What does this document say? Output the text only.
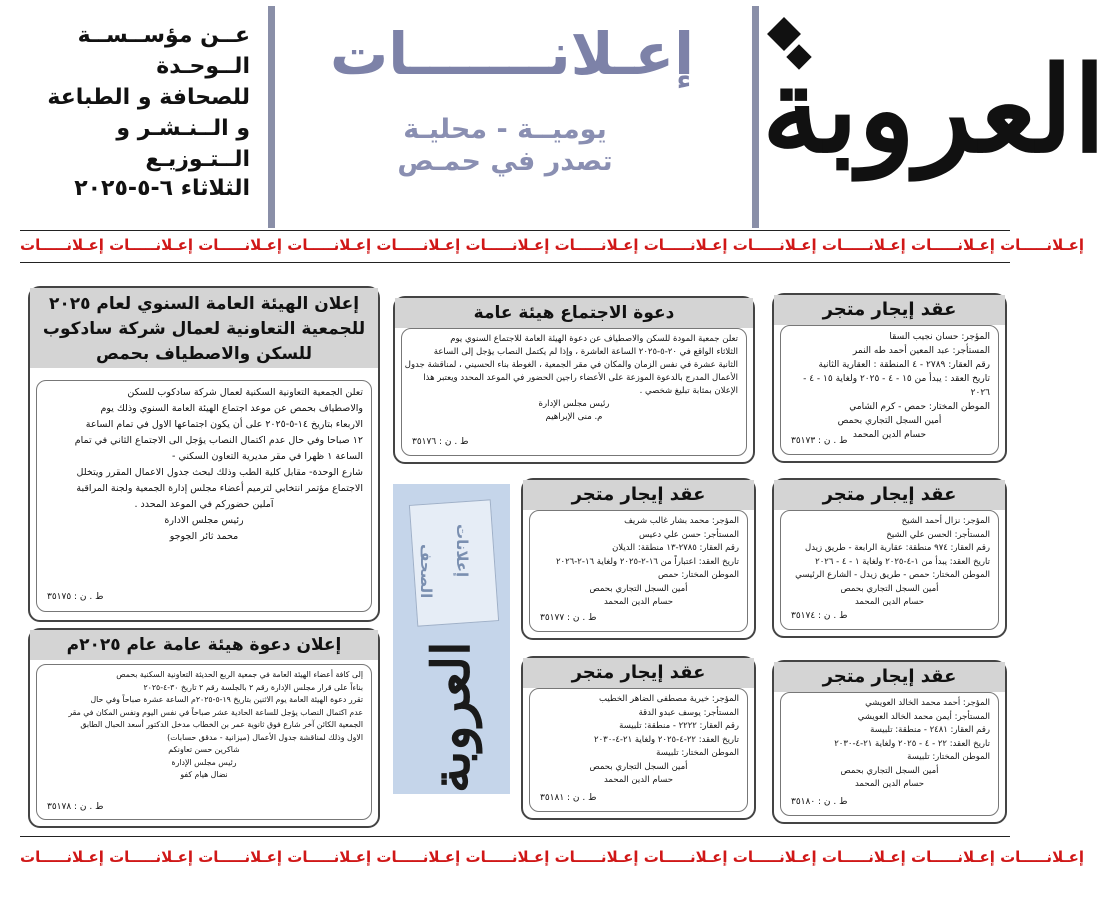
العروبة
إعـلانـــــــات
يوميــة - محليـة
تصدر في حمـص
عــن مؤســســة الــوحـدة
للصحافة و الطباعة
و الــنـشـر و الــتـوزيـع
الثلاثاء ٦-٥-٢٠٢٥
إعـلانـــــات إعـلانـــــات إعـلانـــــات إعـلانـــــات إعـلانـــــات إعـلانـــــات إعـلانـــــات إعـلانـــــات إعـلانـــــات إعـلانـــــات إعـلانـــــات إعـلانـــــات
إعـلانـــــات إعـلانـــــات إعـلانـــــات إعـلانـــــات إعـلانـــــات إعـلانـــــات إعـلانـــــات إعـلانـــــات إعـلانـــــات إعـلانـــــات إعـلانـــــات إعـلانـــــات
عقد إيجار متجر

المؤجر: حسان نجيب السقا

المستأجر: عبد المعين أحمد طه النمر

رقم العقار: ٢٧٨٩ - ٤ المنطقة : العقارية الثانية

تاريخ العقد : يبدأ من ١٥ - ٤ - ٢٠٢٥ ولغاية ١٥ - ٤ -

٢٠٢٦

الموطن المختار: حمص - كرم الشامي

أمين السجل التجاري بحمص

حسام الدين المحمد

ط . ن : ٣٥١٧٣
دعوة الاجتماع هيئة عامة

تعلن جمعية المودة للسكن والاصطياف عن دعوة الهيئة العامة للاجتماع السنوي يوم

الثلاثاء الواقع في ٢٠-٥-٢٠٢٥ الساعة العاشرة ، وإذا لم يكتمل النصاب يؤجل إلى الساعة

الثانية عشرة في نفس الزمان والمكان في مقر الجمعية ، الغوطة بناء الحسيني ، لمناقشة جدول

الأعمال المدرج بالدعوة الموزعة على الأعضاء راجين الحضور في الموعد المحدد ويعتبر هذا

الإعلان بمثابة تبليغ شخصي .

رئيس مجلس الإدارة

م. منى الإبراهيم

ط . ن : ٣٥١٧٦
إعلان الهيئة العامة السنوي لعام ٢٠٢٥ للجمعية التعاونية لعمال شركة سادكوب للسكن والاصطياف بحمص

تعلن الجمعية التعاونية السكنية لعمال شركة سادكوب للسكن

والاصطياف بحمص عن موعد اجتماع الهيئة العامة السنوي وذلك يوم

الاربعاء بتاريخ ١٤-٥-٢٠٢٥ على أن يكون اجتماعها الاول في تمام الساعة

١٢ صباحا وفي حال عدم اكتمال النصاب يؤجل الى الاجتماع الثاني في تمام

الساعة ١ ظهرا في مقر مديرية التعاون السكني -

شارع الوحدة- مقابل كلية الطب وذلك لبحث جدول الاعمال المقرر ويتخلل

الاجتماع مؤتمر انتخابي لترميم أعضاء مجلس إدارة الجمعية ولجنة المراقبة

آملين حضوركم في الموعد المحدد .

رئيس مجلس الادارة

محمد ثائر الجوجو

ط . ن : ٣٥١٧٥
عقد إيجار متجر

المؤجر: نزال أحمد الشيخ

المستأجر: الحسن علي الشيخ

رقم العقار: ٩٧٤ منطقة: عقارية الرابعة - طريق زيدل

تاريخ العقد: يبدأ من ١-٤-٢٠٢٥ ولغاية ١ - ٤ - ٢٠٢٦

الموطن المختار: حمص - طريق زيدل - الشارع الرئيسي

أمين السجل التجاري بحمص

حسام الدين المحمد

ط . ن : ٣٥١٧٤
عقد إيجار متجر

المؤجر: محمد بشار غالب شريف

المستأجر: حسن علي دعيس

رقم العقار: ٢٧٨٥-١٣ منطقة: الديلان

تاريخ العقد: اعتباراً من ١٦-٢-٢٠٢٥ ولغاية ١٦-٢-٢٠٢٦

الموطن المختار: حمص

أمين السجل التجاري بحمص

حسام الدين المحمد

ط . ن : ٣٥١٧٧
إعلانات
الصحف
العروبة
إعلان دعوة هيئة عامة عام ٢٠٢٥م

إلى كافة أعضاء الهيئة العامة في جمعية الربع الحديثة التعاونية السكنية بحمص

بناءاً على قرار مجلس الإدارة رقم ٢ بالجلسة رقم ٢ تاريخ ٣٠-٤-٢٠٢٥

تقرر دعوة الهيئة العامة يوم الاثنين بتاريخ ١٩-٥-٢٠٢٥م الساعة عشرة صباحاً وفي حال

عدم اكتمال النصاب يؤجل للساعة الحادية عشر صباحاً في نفس اليوم ونفس المكان في مقر

الجمعية الكائن آخر شارع فوق ثانوية عمر بن الخطاب مدخل الدكتور أسعد الحبال الطابق

الاول وذلك لمناقشة جدول الأعمال (ميزانية - مدقق حسابات)

شاكرين حسن تعاونكم

رئيس مجلس الإدارة

نضال هيام كفو

ط . ن : ٣٥١٧٨
عقد إيجار متجر

المؤجر: خيرية مصطفى الضاهر الخطيب

المستأجر: يوسف عبدو الدقة

رقم العقار: ٢٢٢٢ - منطقة: تلبيسة

تاريخ العقد: ٢٢-٤-٢٠٢٥ ولغاية ٢١-٤-٢٠٣٠

الموطن المختار: تلبيسة

أمين السجل التجاري بحمص

حسام الدين المحمد

ط . ن : ٣٥١٨١
عقد إيجار متجر

المؤجر: أحمد محمد الخالد العويشي

المستأجر: أيمن محمد الخالد العويشي

رقم العقار: ٢٤٨١ - منطقة: تلبيسة

تاريخ العقد: ٢٢ - ٤ - ٢٠٢٥ ولغاية ٢١-٤-٢٠٣٠

الموطن المختار: تلبيسة

أمين السجل التجاري بحمص

حسام الدين المحمد

ط . ن : ٣٥١٨٠
